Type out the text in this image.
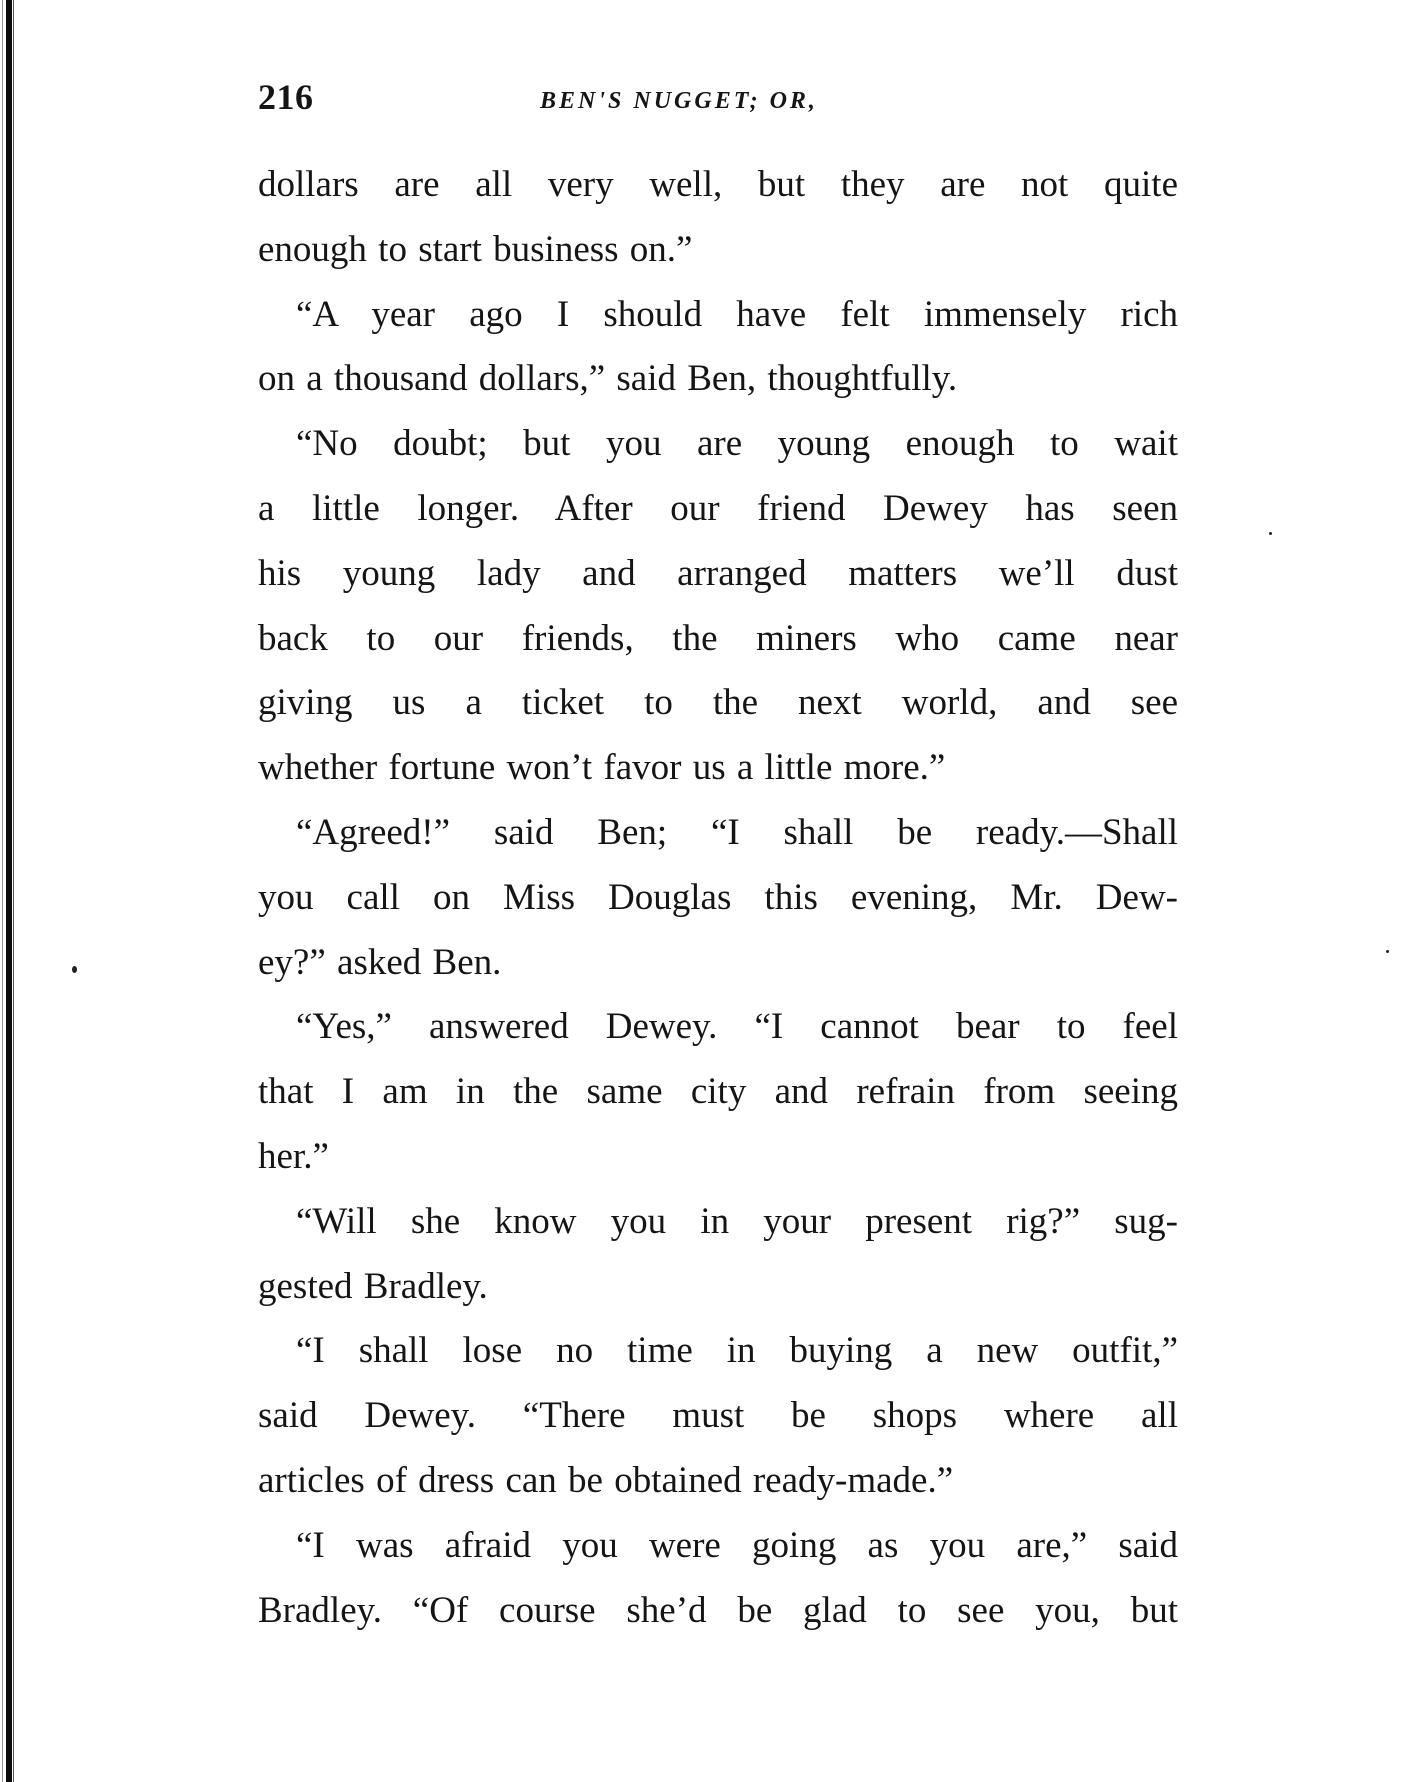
216	BEN'S NUGGET; OR,
dollars are all very well, but they are not quite
enough to start business on.”
“A year ago I should have felt immensely rich
on a thousand dollars,” said Ben, thoughtfully.
“No doubt; but you are young enough to wait
a little longer. After our friend Dewey has seen
his young lady and arranged matters we’ll dust
back to our friends, the miners who came near
giving us a ticket to the next world, and see
whether fortune won’t favor us a little more.”
“Agreed!” said Ben; “I shall be ready.—Shall
you call on Miss Douglas this evening, Mr. Dew-
ey?” asked Ben.
“Yes,” answered Dewey. “I cannot bear to feel
that I am in the same city and refrain from seeing
her.”
“Will she know you in your present rig?” sug-
gested Bradley.
“I shall lose no time in buying a new outfit,”
said Dewey. “There must be shops where all
articles of dress can be obtained ready-made.”
“I was afraid you were going as you are,” said
Bradley. “Of course she’d be glad to see you, but
